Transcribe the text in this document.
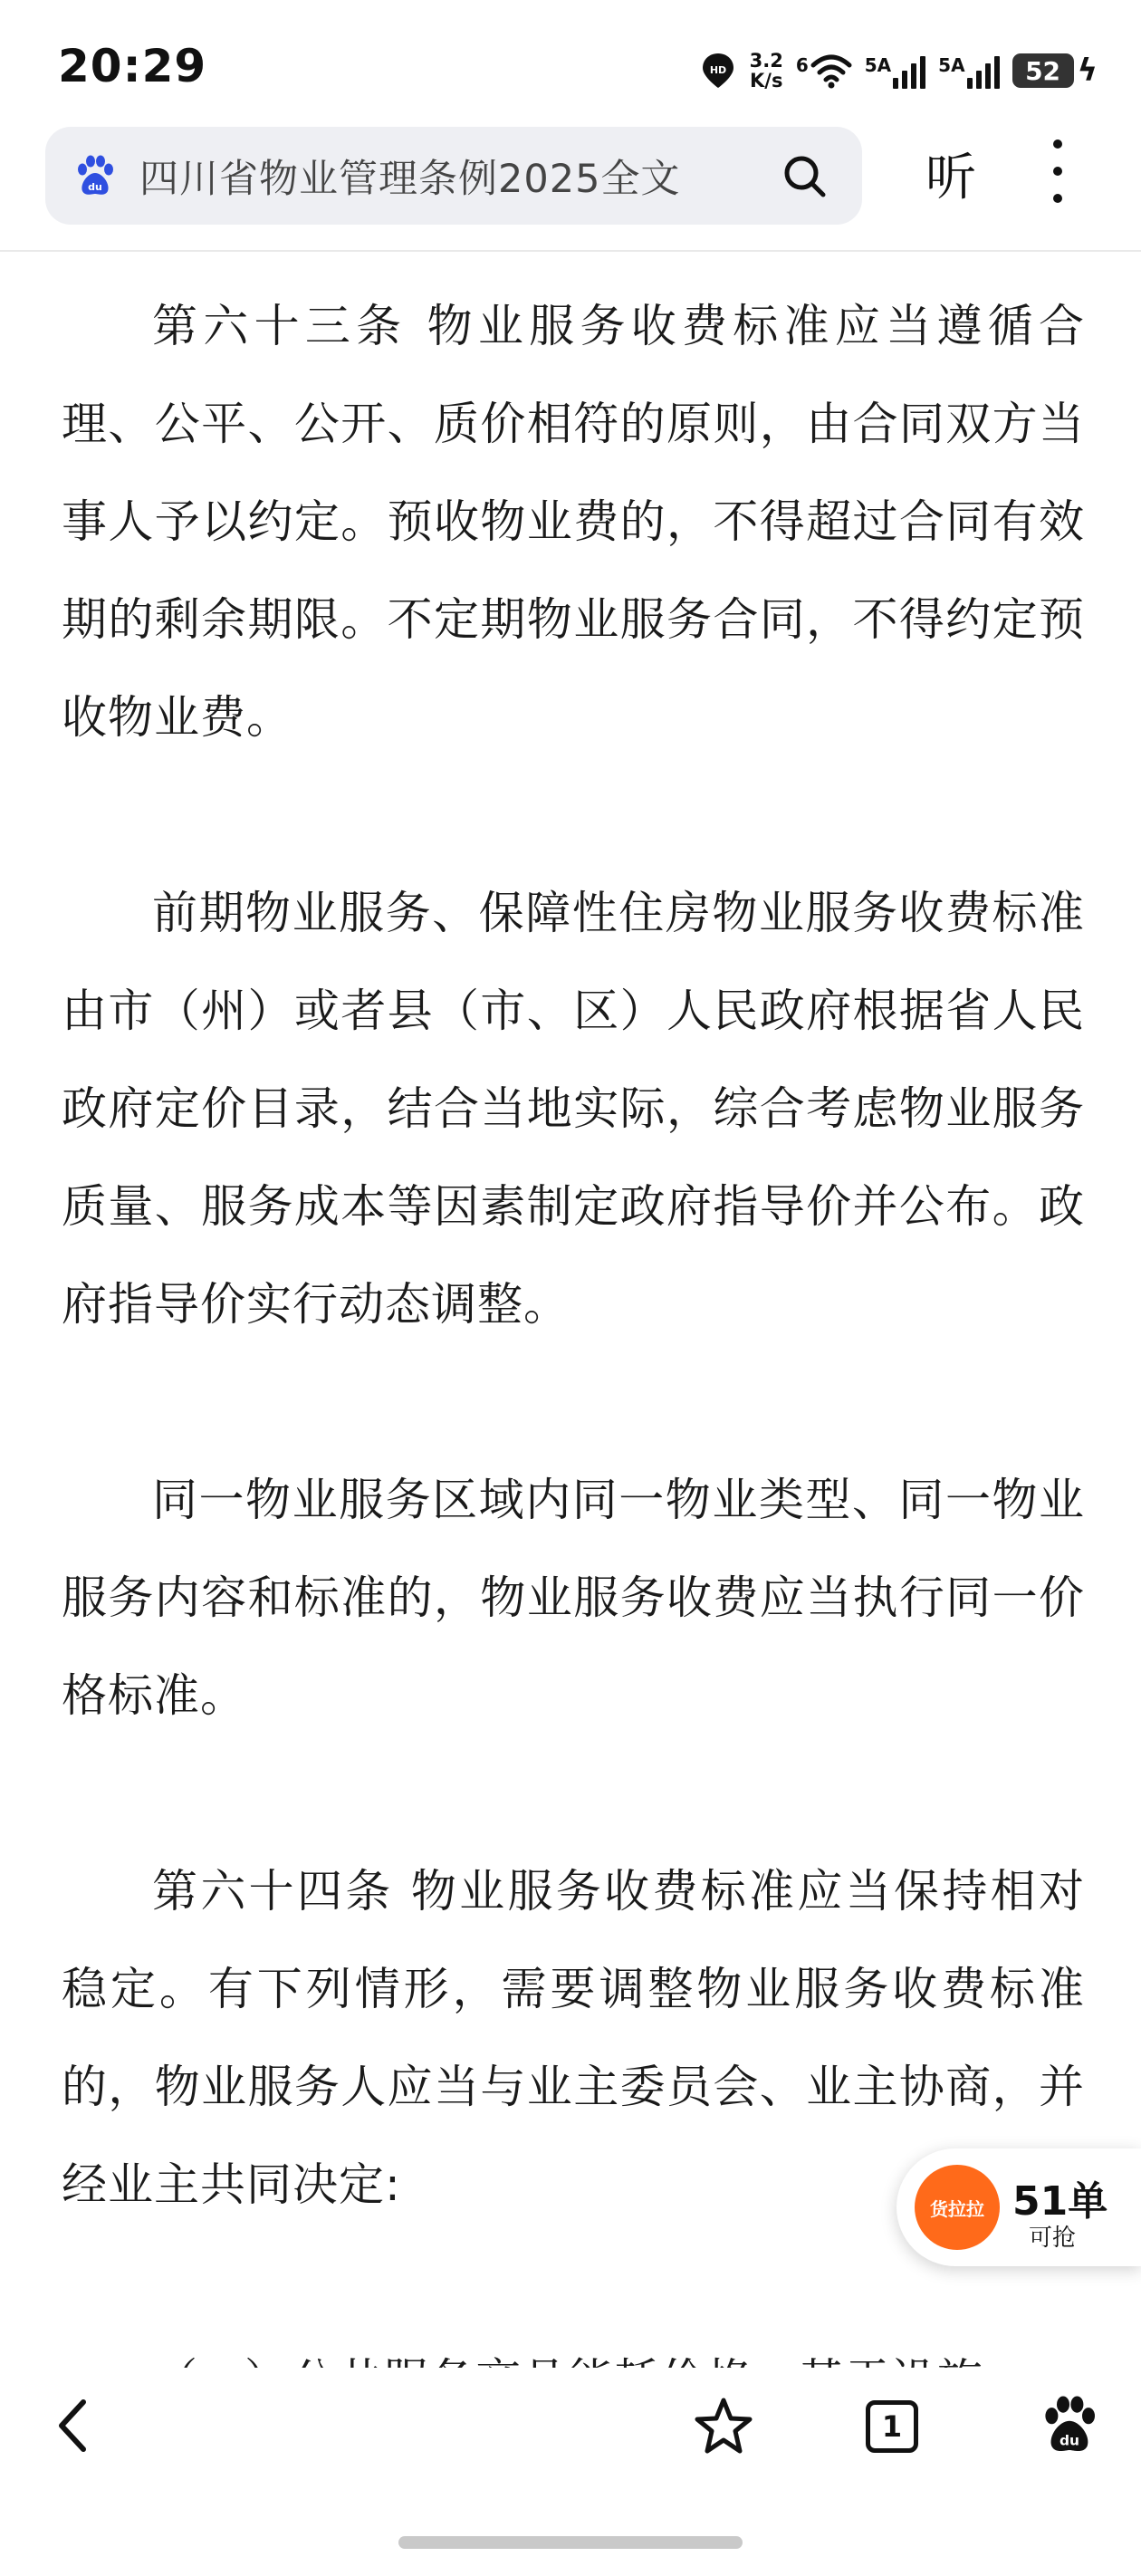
20:29	HD 3.2
K/s
6	5A	5A	52 ϟ
du 四川省物业管理条例2025全文	听

第六十三条 物业服务收费标准应当遵循合理、公平、公开、质价相符的原则，由合同双方当事人予以约定。预收物业费的，不得超过合同有效期的剩余期限。不定期物业服务合同，不得约定预收物业费。

前期物业服务、保障性住房物业服务收费标准由市（州）或者县（市、区）人民政府根据省人民政府定价目录，结合当地实际，综合考虑物业服务质量、服务成本等因素制定政府指导价并公布。政府指导价实行动态调整。

同一物业服务区域内同一物业类型、同一物业服务内容和标准的，物业服务收费应当执行同一价格标准。

第六十四条 物业服务收费标准应当保持相对稳定。有下列情形，需要调整物业服务收费标准的，物业服务人应当与业主委员会、业主协商，并经业主共同决定:	货拉拉 51单
可抢
1	du
